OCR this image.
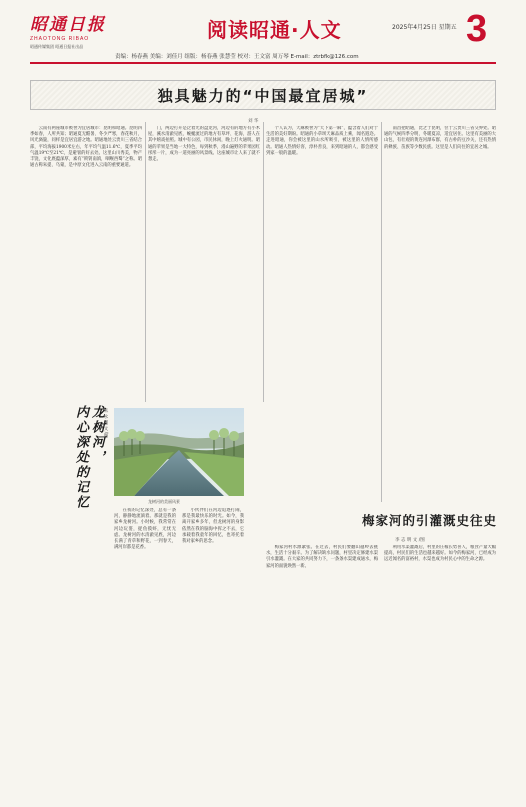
昭通日报
ZHAOTONG RIBAO
昭通传媒集团 昭通日报社出品
阅读昭通·人文	2025年4月25日 星期五 3
责编：杨春燕 美编：刘佳月 组版：杨春燕 张慧莹 校对：王文富 周万琴 E-mail：ztrbfk@126.com
独具魅力的“中国最宜居城”
刘 华

云南有两座城市被誉为宜居城市：昆明和昭通。昆明四季如春，人所共知；昭通夏无酷暑、冬少严寒，春花秋月，风光旖旎，同样是宜居宜游之地。昭通地处云贵川三省结合部，平均海拔1900米左右，年平均气温11.6℃，夏季平均气温19℃至21℃，是避暑的好去处。这里山川秀美，物产丰饶，文化底蕴深厚，素有“锁钥南滇，咽喉西蜀”之称。昭通古称朱提、乌蒙，是中原文化进入云南的重要通道。

门，两边打开是泛着光的盘龙河，河边有的地方有小木屋，溪水清澈见底，蜿蜒流过的地方有草坪、花海，游人在其中嬉戏拍照。城中有公园，市民休闲，晚上灯火通明。昭通的苹果是当地一大特色，每到秋季，漫山遍野的苹果园红彤彤一片，成为一道亮丽的风景线。这座城市让人来了就不想走。

个人认为，天麻被誉为“天下第一麻”，蕴含着人们对于生活的美好期盼。昭通的小草坝天麻品质上乘，闻名遐迩。走进昭通，你会被这里的山水所吸引，被这里的人情所感动。昭通人热情好客，淳朴善良，来到昭通的人，都会感受到家一般的温暖。

南昌把昭通，比之于昆明，位于云贵川三省交界处。昭通的气候四季分明，冬暖夏凉，适宜居住。这里有美丽的大山包，有壮观的黄连河瀑布群，有古朴的豆沙关，还有热情的彝族、苗族等少数民族。这里是人们向往的宜居之城。

龙树河，
内心深处的记忆	朱 永 刚 文 /图
龙树河的美丽风景

在我的记忆深处，总有一条河，静静地流淌着。那就是我的家乡龙树河。小时候，我常常在河边玩耍，捉鱼摸虾，无忧无虑。龙树河的水清澈见底，河边长满了青草和野花，一到春天，满河岸都是花香。

小伙伴们在河边追逐打闹，那是我最快乐的时光。如今，我离开家乡多年，但龙树河的身影依然在我的脑海中挥之不去，它承载着我童年的回忆，也寄托着我对家乡的思念。

梅家河的引灌溉史往史
李 志 明 文 /图

梅家河村水源紧张。在过去，村民们要翻山越岭去挑水，生活十分艰辛。为了解决缺水问题，村里决定修建水渠引水灌溉。在大家的共同努力下，一条条水渠建成通水，梅家河的面貌焕然一新。

利用水渠灌溉后，村里的庄稼长势喜人，粮食产量大幅提高，村民们的生活也越来越好。如今的梅家河，已经成为远近闻名的富裕村，水渠也成为村民心中的生命之源。
